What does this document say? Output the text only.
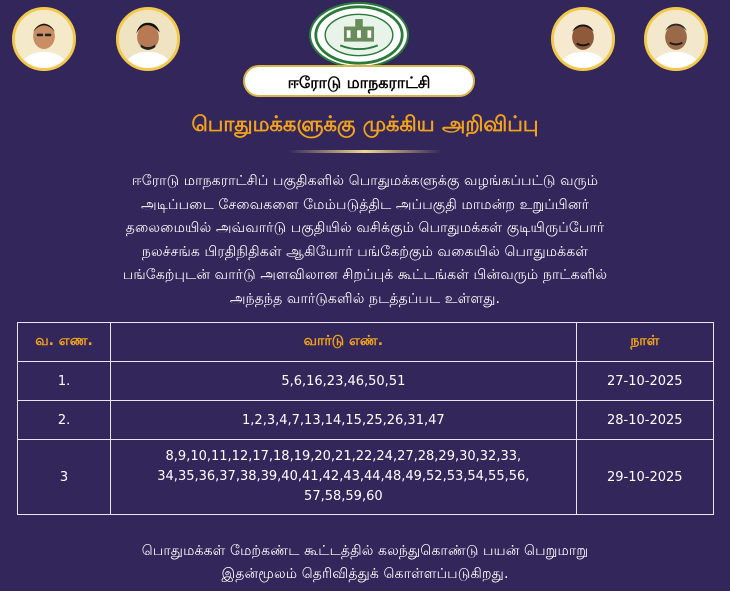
ஈரோடு மாநகராட்சி
பொதுமக்களுக்கு முக்கிய அறிவிப்பு
ஈரோடு மாநகராட்சிப் பகுதிகளில் பொதுமக்களுக்கு வழங்கப்பட்டு வரும்
அடிப்படை சேவைகளை மேம்படுத்திட அப்பகுதி மாமன்ற உறுப்பினர்
தலைமையில் அவ்வார்டு பகுதியில் வசிக்கும் பொதுமக்கள் குடியிருப்போர்
நலச்சங்க பிரதிநிதிகள் ஆகியோர் பங்கேற்கும் வகையில் பொதுமக்கள்
பங்கேற்புடன் வார்டு அளவிலான சிறப்புக் கூட்டங்கள் பின்வரும் நாட்களில்
அந்தந்த வார்டுகளில் நடத்தப்பட உள்ளது.
வ. எண.	வார்டு எண்.	நாள்
1.	5,6,16,23,46,50,51	27-10-2025
2.	1,2,3,4,7,13,14,15,25,26,31,47	28-10-2025
3	8,9,10,11,12,17,18,19,20,21,22,24,27,28,29,30,32,33,
34,35,36,37,38,39,40,41,42,43,44,48,49,52,53,54,55,56,
57,58,59,60	29-10-2025
பொதுமக்கள் மேற்கண்ட கூட்டத்தில் கலந்துகொண்டு பயன் பெறுமாறு
இதன்மூலம் தெரிவித்துக் கொள்ளப்படுகிறது.
